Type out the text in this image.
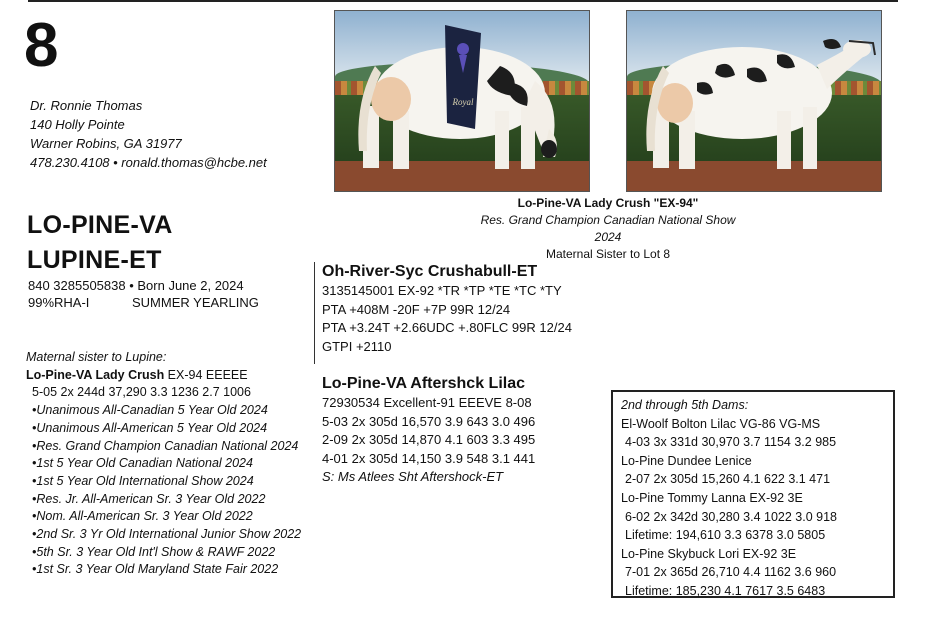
8
Dr. Ronnie Thomas
140 Holly Pointe
Warner Robins, GA 31977
478.230.4108 • ronald.thomas@hcbe.net
LO-PINE-VA
LUPINE-ET
840 3285505838 • Born June 2, 2024
99%RHA-I	SUMMER YEARLING
Royal
Lo-Pine-VA Lady Crush "EX-94"
Res. Grand Champion Canadian National Show 2024
Maternal Sister to Lot 8
Oh-River-Syc Crushabull-ET
3135145001 EX-92 *TR *TP *TE *TC *TY
PTA +408M -20F +7P 99R 12/24
PTA +3.24T +2.66UDC +.80FLC 99R 12/24
GTPI +2110
Lo-Pine-VA Aftershck Lilac
72930534 Excellent-91 EEEVE 8-08
5-03 2x 305d 16,570 3.9 643 3.0 496
2-09 2x 305d 14,870 4.1 603 3.3 495
4-01 2x 305d 14,150 3.9 548 3.1 441
S: Ms Atlees Sht Aftershock-ET
Maternal sister to Lupine:
Lo-Pine-VA Lady Crush EX-94 EEEEE
5-05 2x 244d 37,290 3.3 1236 2.7 1006
•Unanimous All-Canadian 5 Year Old 2024
•Unanimous All-American 5 Year Old 2024
•Res. Grand Champion Canadian National 2024
•1st 5 Year Old Canadian National 2024
•1st 5 Year Old International Show 2024
•Res. Jr. All-American Sr. 3 Year Old 2022
•Nom. All-American Sr. 3 Year Old 2022
•2nd Sr. 3 Yr Old International Junior Show 2022
•5th Sr. 3 Year Old Int'l Show & RAWF 2022
•1st Sr. 3 Year Old Maryland State Fair 2022
2nd through 5th Dams:
El-Woolf Bolton Lilac VG-86 VG-MS
4-03 3x 331d 30,970 3.7 1154 3.2 985
Lo-Pine Dundee Lenice
2-07 2x 305d 15,260 4.1 622 3.1 471
Lo-Pine Tommy Lanna EX-92 3E
6-02 2x 342d 30,280 3.4 1022 3.0 918
Lifetime: 194,610 3.3 6378 3.0 5805
Lo-Pine Skybuck Lori EX-92 3E
7-01 2x 365d 26,710 4.4 1162 3.6 960
Lifetime: 185,230 4.1 7617 3.5 6483
